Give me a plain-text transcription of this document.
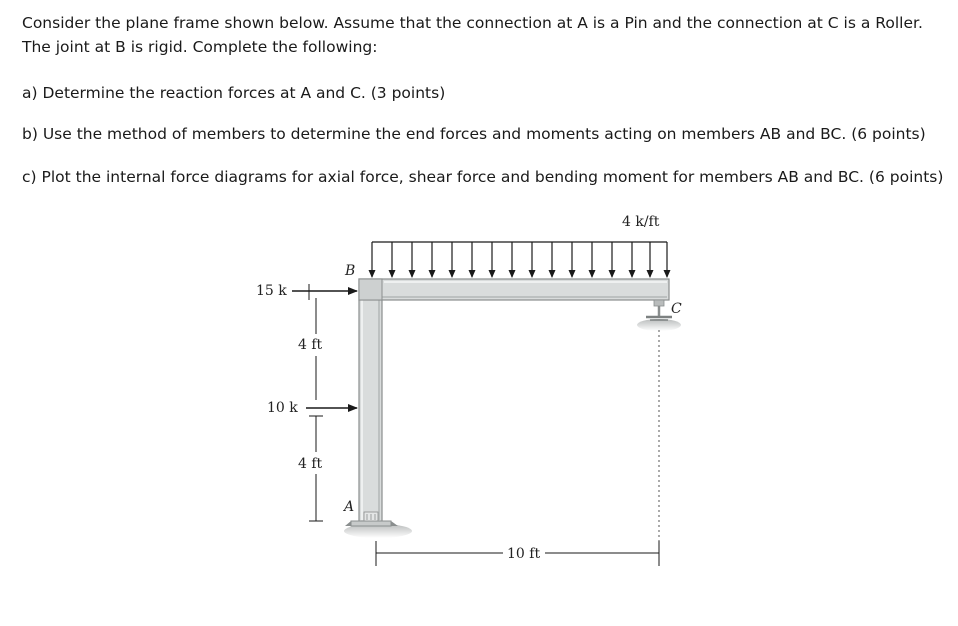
Consider the plane frame shown below. Assume that the connection at A is a Pin and the connection at C is a Roller. The joint at B is rigid. Complete the following:

a) Determine the reaction forces at A and C. (3 points)

b) Use the method of members to determine the end forces and moments acting on members AB and BC. (6 points)

c) Plot the internal force diagrams for axial force, shear force and bending moment for members AB and BC. (6 points)

4 k/ft
B
A
C
15 k
10 k
4 ft
4 ft
10 ft
